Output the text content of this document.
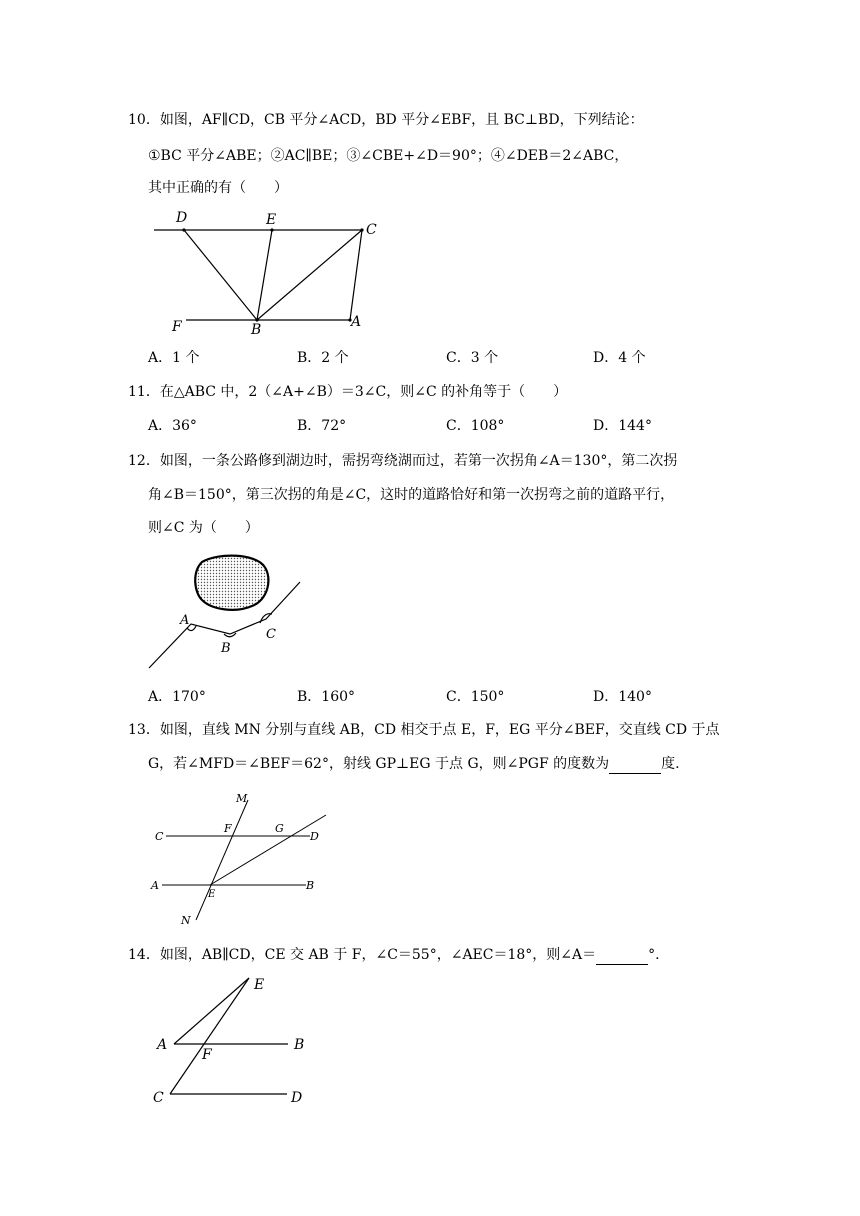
10．如图，AF∥CD，CB 平分∠ACD，BD 平分∠EBF，且 BC⊥BD，下列结论：
①BC 平分∠ABE；②AC∥BE；③∠CBE+∠D＝90°；④∠DEB＝2∠ABC，
其中正确的有（　　）
D	E
C
F	B	A
A．1 个	B．2 个	C．3 个	D．4 个
11．在△ABC 中，2（∠A+∠B）＝3∠C，则∠C 的补角等于（　　）
A．36°	B．72°	C．108°	D．144°
12．如图，一条公路修到湖边时，需拐弯绕湖而过，若第一次拐角∠A＝130°，第二次拐
角∠B＝150°，第三次拐的角是∠C，这时的道路恰好和第一次拐弯之前的道路平行，
则∠C 为（　　）
A
B
C
A．170°	B．160°	C．150°	D．140°
13．如图，直线 MN 分别与直线 AB，CD 相交于点 E，F，EG 平分∠BEF，交直线 CD 于点
G，若∠MFD＝∠BEF＝62°，射线 GP⊥EG 于点 G，则∠PGF 的度数为	度.
M
C
F	G
D
A
E
B
N
14．如图，AB∥CD，CE 交 AB 于 F，∠C＝55°，∠AEC＝18°，则∠A＝	°.
E
A
F
B
C	D
